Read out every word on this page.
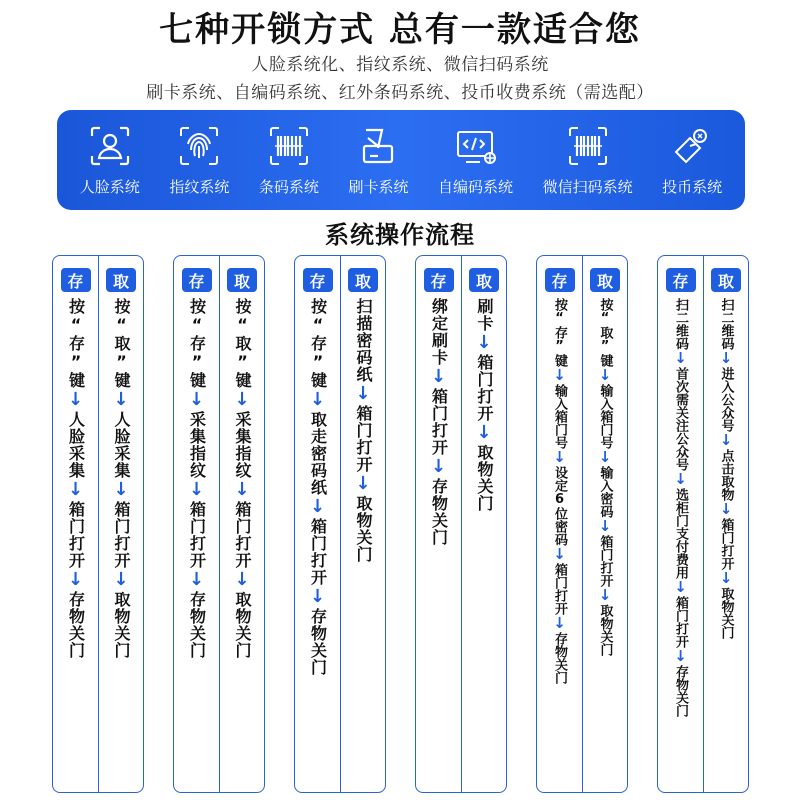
七种开锁方式 总有一款适合您
人脸系统化、指纹系统、微信扫码系统
刷卡系统、自编码系统、红外条码系统、投币收费系统（需选配）
人脸系统 指纹系统 条码系统 刷卡系统 自编码系统 微信扫码系统 投币系统
系统操作流程
存
按“存”键
↓
人脸采集
↓
箱门打开
↓
存物关门
取
按“取”键
↓
人脸采集
↓
箱门打开
↓
取物关门
存
按“存”键
↓
采集指纹
↓
箱门打开
↓
存物关门
取
按“取”键
↓
采集指纹
↓
箱门打开
↓
取物关门
存
按“存”键
↓
取走密码纸
↓
箱门打开
↓
存物关门
取
扫描密码纸
↓
箱门打开
↓
取物关门
存
绑定刷卡
↓
箱门打开
↓
存物关门
取
刷卡
↓
箱门打开
↓
取物关门
存
按“存”键
↓
输入箱门号
↓
设定6位密码
↓
箱门打开
↓
存物关门
取
按“取”键
↓
输入箱门号
↓
输入密码
↓
箱门打开
↓
取物关门
存
扫二维码
↓
首次需关注公众号
↓
选柜门支付费用
↓
箱门打开
↓
存物关门
取
扫二维码
↓
进入公众号
↓
点击取物
↓
箱门打开
↓
取物关门
